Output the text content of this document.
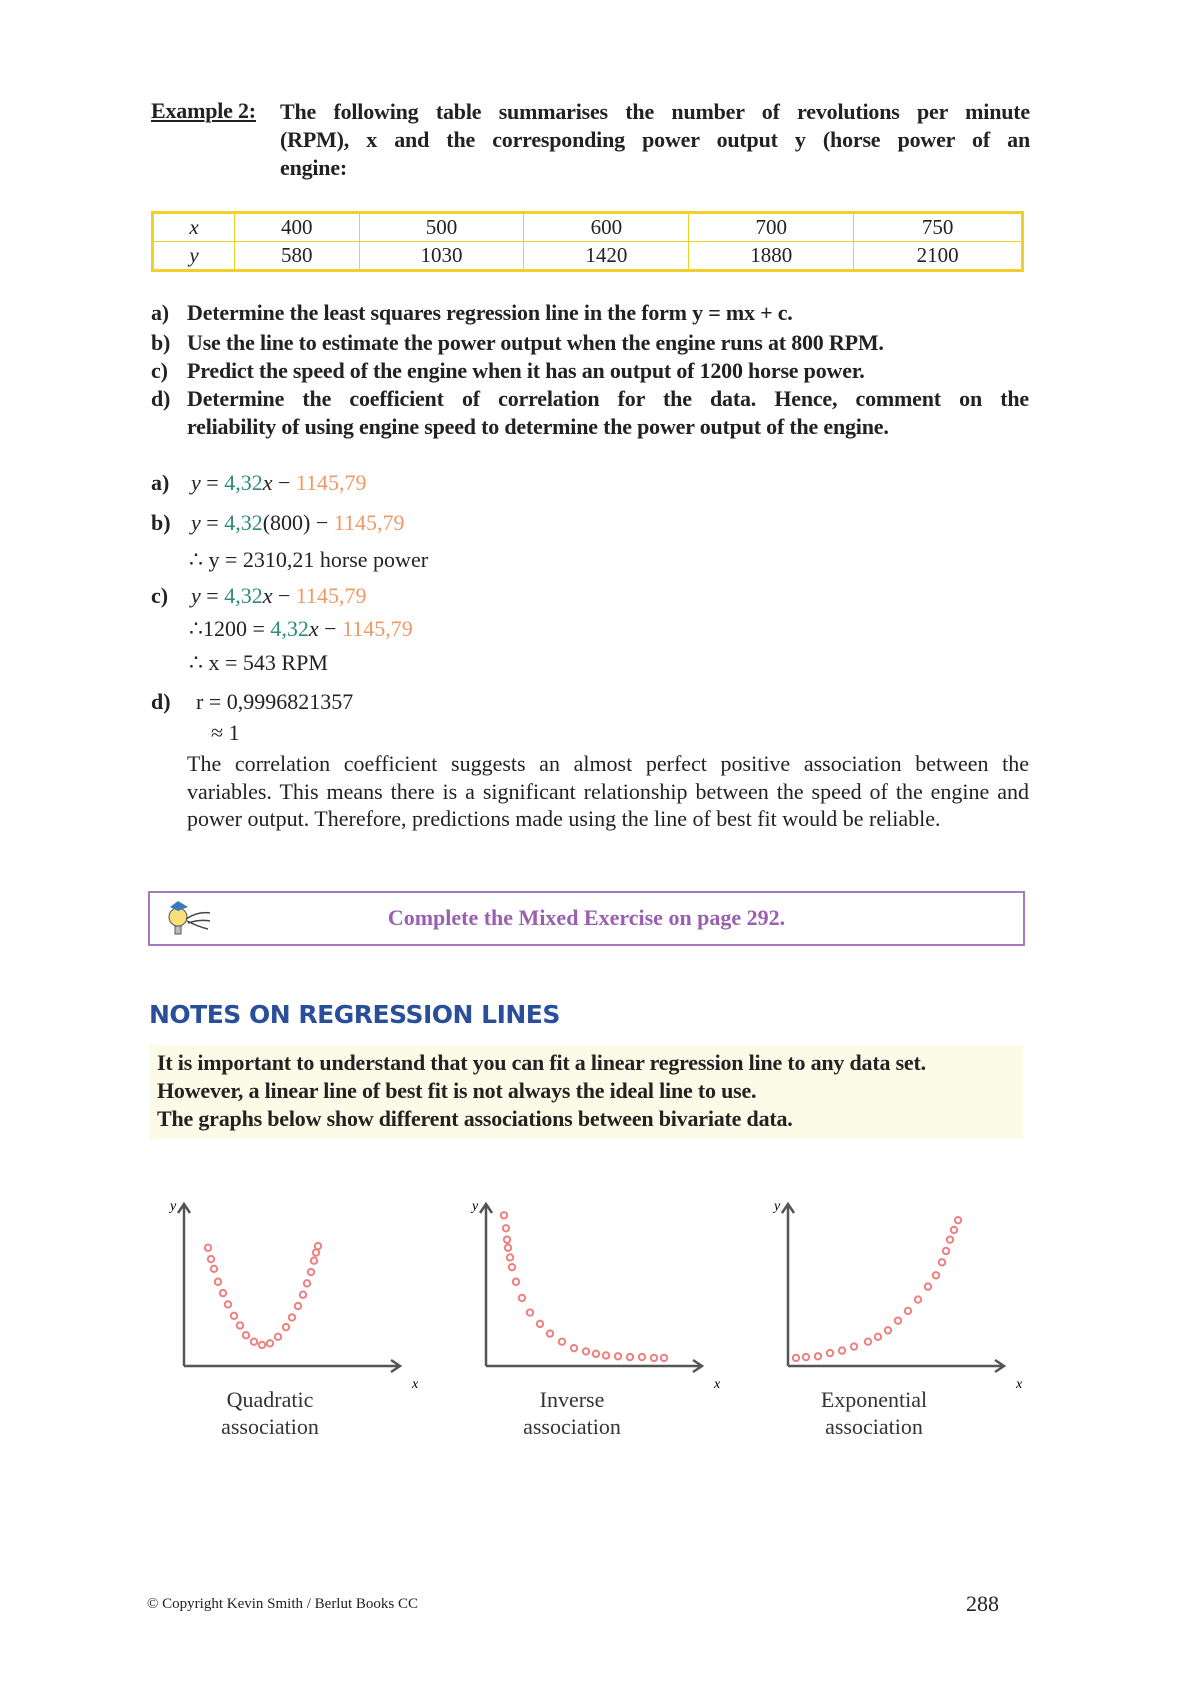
Example 2: The following table summarises the number of revolutions per minute
(RPM), x and the corresponding power output y (horse power of an
engine:
x	400	500	600	700	750
y	580	1030	1420	1880	2100
a) Determine the least squares regression line in the form y = mx + c.
b) Use the line to estimate the power output when the engine runs at 800 RPM.
c) Predict the speed of the engine when it has an output of 1200 horse power.
d) Determine the coefficient of correlation for the data. Hence, comment on the
reliability of using engine speed to determine the power output of the engine.
a) y = 4,32x − 1145,79
b) y = 4,32(800) − 1145,79
∴ y = 2310,21 horse power
c) y = 4,32x − 1145,79
∴1200 = 4,32x − 1145,79
∴ x = 543 RPM
d) r = 0,9996821357
≈ 1
The correlation coefficient suggests an almost perfect positive association between the variables. This means there is a significant relationship between the speed of the engine and power output. Therefore, predictions made using the line of best fit would be reliable.
Complete the Mixed Exercise on page 292.
NOTES ON REGRESSION LINES
It is important to understand that you can fit a linear regression line to any data set.
However, a linear line of best fit is not always the ideal line to use.
The graphs below show different associations between bivariate data.
y
x
Quadratic
association
y
x
Inverse
association
y
x
Exponential
association
© Copyright Kevin Smith / Berlut Books CC	288
